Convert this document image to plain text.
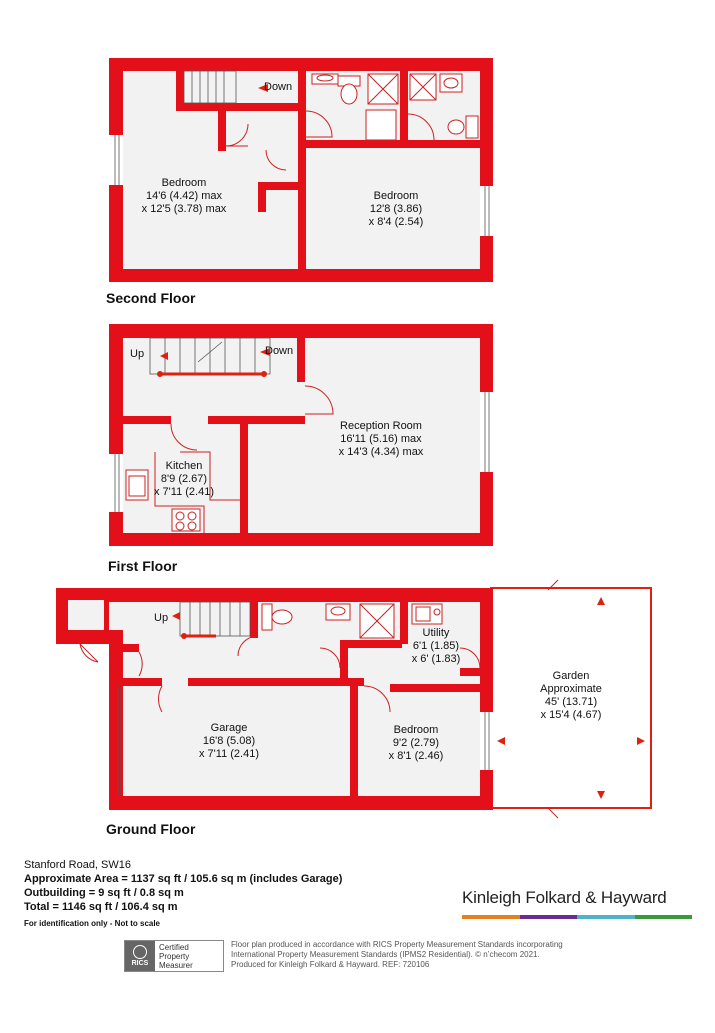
Down
Bedroom
14'6 (4.42) max
x 12'5 (3.78) max
Bedroom
12'8 (3.86)
x 8'4 (2.54)
Second Floor
Up	Down
Reception Room
16'11 (5.16) max
x 14'3 (4.34) max
Kitchen
8'9 (2.67)
x 7'11 (2.41)
First Floor
Up
Utility
6'1 (1.85)
x 6' (1.83)
Garage
16'8 (5.08)
x 7'11 (2.41)
Bedroom
9'2 (2.79)
x 8'1 (2.46)
Garden
Approximate
45' (13.71)
x 15'4 (4.67)
Ground Floor
Stanford Road, SW16
Approximate Area = 1137 sq ft / 105.6 sq m (includes Garage)
Outbuilding = 9 sq ft / 0.8 sq m
Total = 1146 sq ft / 106.4 sq m
For identification only - Not to scale
Kinleigh Folkard & Hayward
RICS
Certified
Property
Measurer
Floor plan produced in accordance with RICS Property Measurement Standards incorporating
International Property Measurement Standards (IPMS2 Residential). © n’checom 2021.
Produced for Kinleigh Folkard & Hayward. REF: 720106
